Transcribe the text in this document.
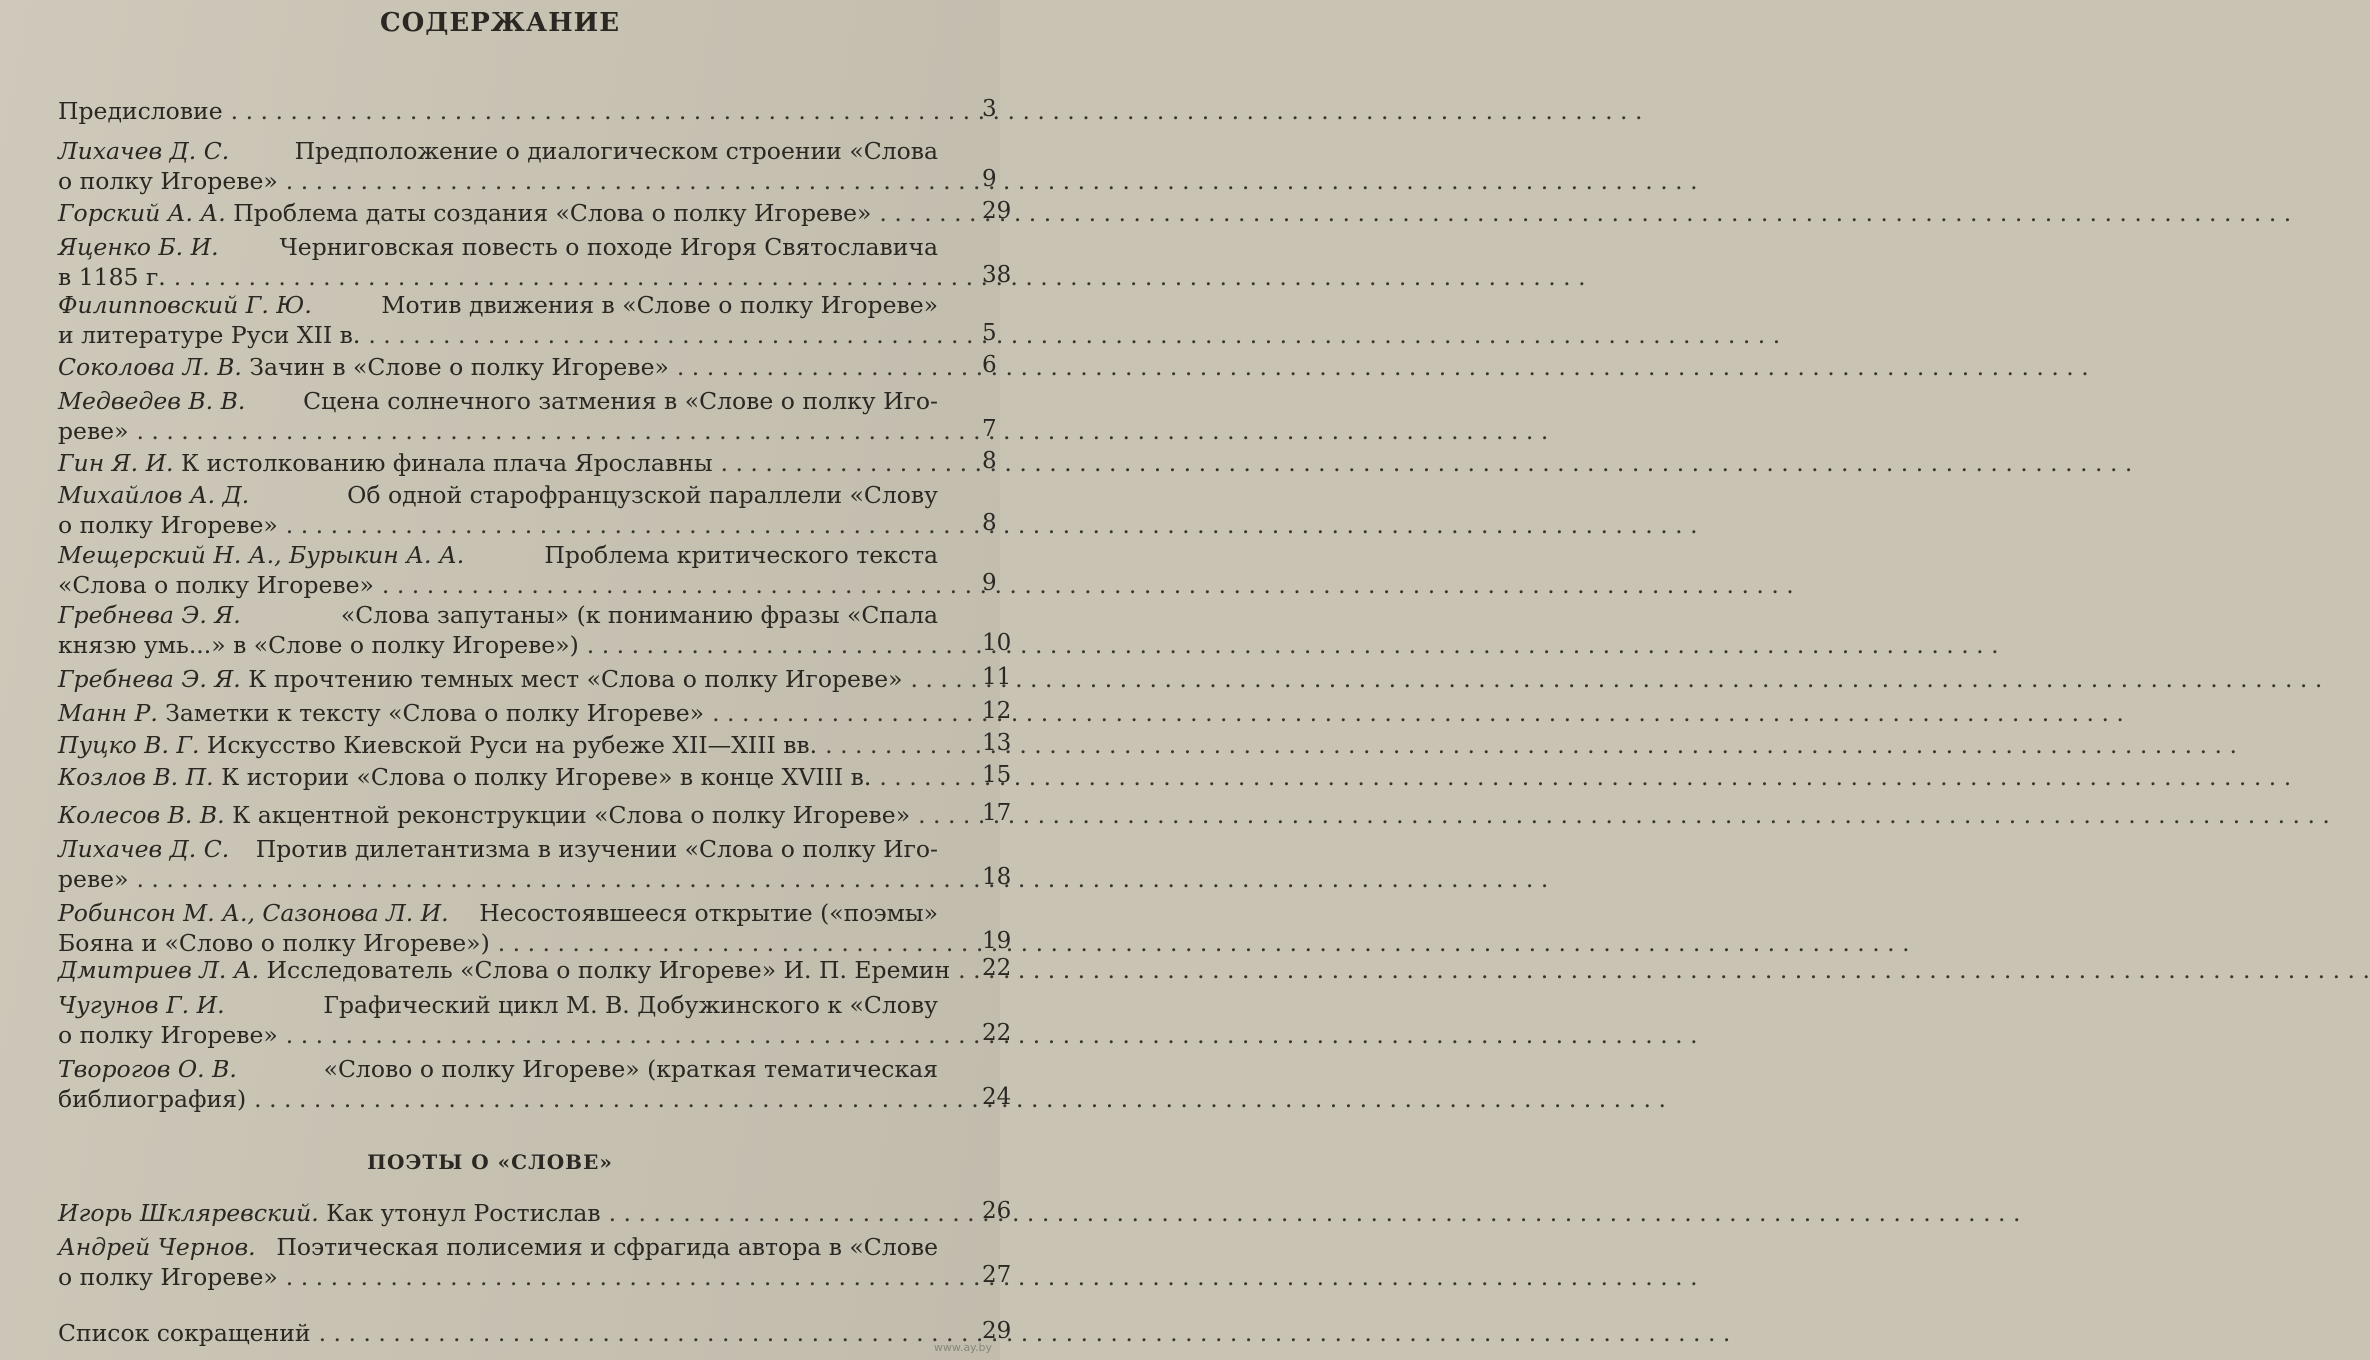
СОДЕРЖАНИЕ
Предисловие . . .	3
Лихачев Д. С.	Предположение о диалогическом строении «Слова
о полку Игореве» . . .	9
Горский А. А.
Проблема даты создания «Слова о полку Игореве» . . .	29
Яценко Б. И.	Черниговская повесть о походе Игоря Святославича
в 1185 г. . . .	38
Филипповский Г. Ю.	Мотив движения в «Слове о полку Игореве»
и литературе Руси XII в. . . .	5
Соколова Л. В.
Зачин в «Слове о полку Игореве» . . .	6
Медведев В. В. Сцена солнечного затмения в «Слове о полку Иго-
реве» . . .	7
Гин Я. И.
К истолкованию финала плача Ярославны . . .	8
Михайлов А. Д.	Об одной старофранцузской параллели «Слову
о полку Игореве» . . .	8
Мещерский Н. А., Бурыкин А. А.	Проблема критического текста
«Слова о полку Игореве» . . .	9
Гребнева Э. Я.	«Слова запутаны» (к пониманию фразы «Спала
князю умь...» в «Слове о полку Игореве») . . .	10
Гребнева Э. Я.
К прочтению темных мест «Слова о полку Игореве» . . .	11
Манн Р.
Заметки к тексту «Слова о полку Игореве» . . .	12
Пуцко В. Г.
Искусство Киевской Руси на рубеже XII—XIII вв. . . .	13
Козлов В. П.
К истории «Слова о полку Игореве» в конце XVIII в. . . .	15
Колесов В. В.
К акцентной реконструкции «Слова о полку Игореве» . . .	17
Лихачев Д. С. Против дилетантизма в изучении «Слова о полку Иго-
реве» . . .	18
Робинсон М. А., Сазонова Л. И. Несостоявшееся открытие («поэмы»
Бояна и «Слово о полку Игореве») . . .	19
Дмитриев Л. А.
Исследователь «Слова о полку Игореве» И. П. Еремин . . . 22
Чугунов Г. И.	Графический цикл М. В. Добужинского к «Слову
о полку Игореве» . . .	22
Творогов О. В.	«Слово о полку Игореве» (краткая тематическая
библиография) . . .	24
ПОЭТЫ О «СЛОВЕ»
Игорь Шкляревский.
Как утонул Ростислав . . .	26
Андрей Чернов. Поэтическая полисемия и сфрагида автора в «Слове
о полку Игореве» . . .	27
Список сокращений . . .	29
www.ay.by
